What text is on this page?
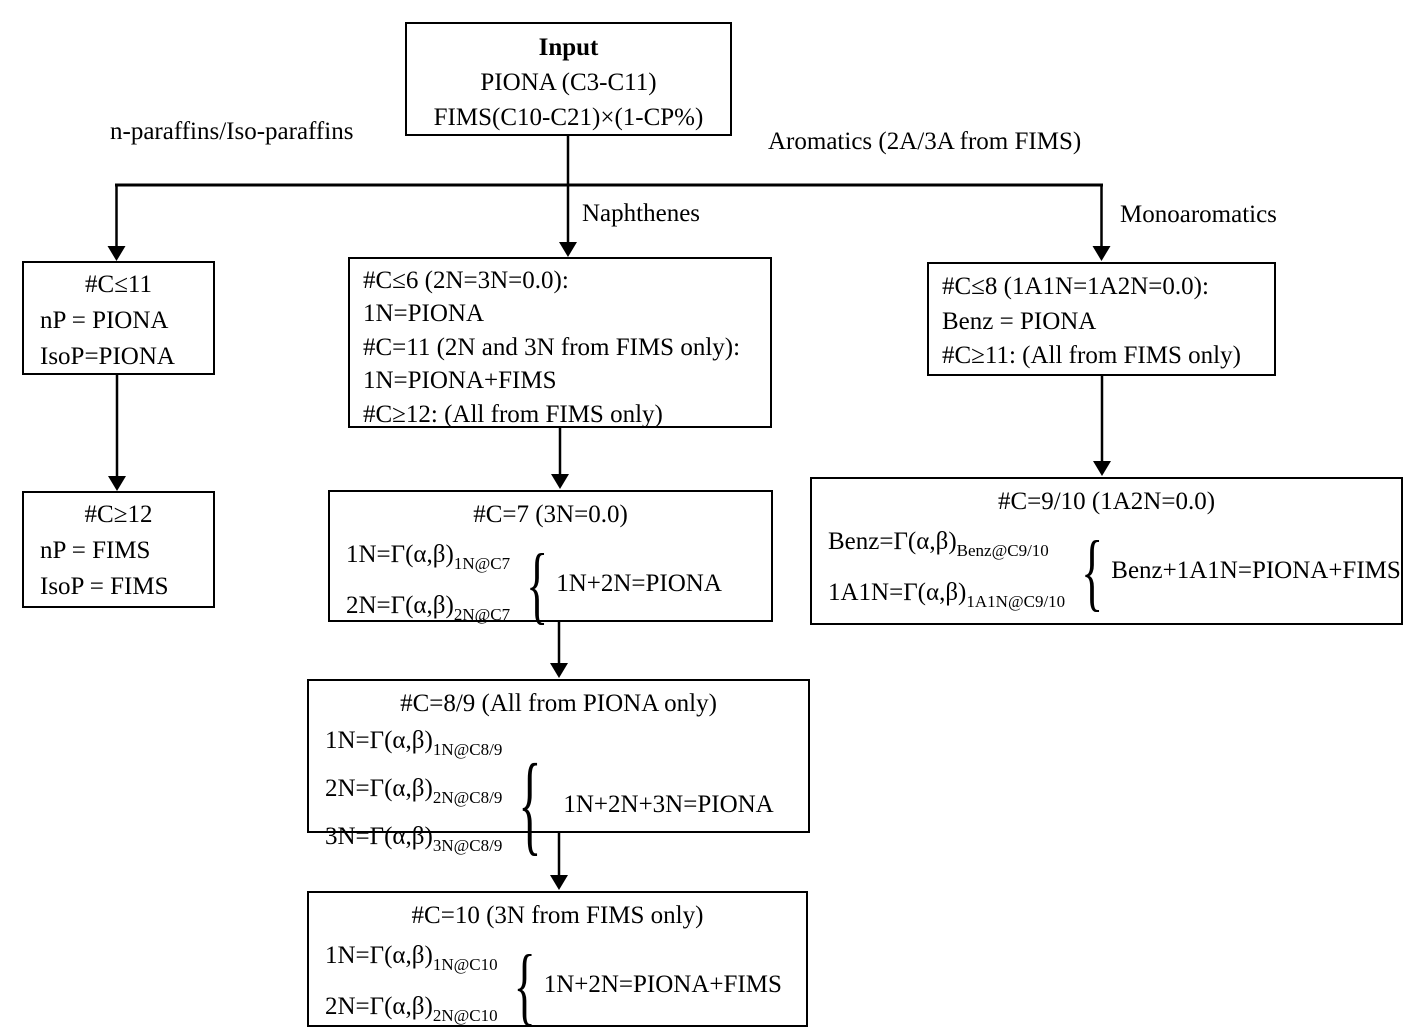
Input
PIONA (C3-C11)
FIMS(C10-C21)×(1-CP%)
n-paraffins/Iso-paraffins	Aromatics (2A/3A from FIMS)
Naphthenes	Monoaromatics
#C≤11
nP = PIONA
IsoP=PIONA
#C≥12
nP = FIMS
IsoP = FIMS
#C≤6 (2N=3N=0.0):
1N=PIONA
#C=11 (2N and 3N from FIMS only):
1N=PIONA+FIMS
#C≥12: (All from FIMS only)
#C=7 (3N=0.0)
$1N=\Gamma(\alpha,\beta)_{1N@C7}$
$2N=\Gamma(\alpha,\beta)_{2N@C7}$ { 1N+2N=PIONA
#C=8/9 (All from PIONA only)
$1N=\Gamma(\alpha,\beta)_{1N@C8/9}$
$2N=\Gamma(\alpha,\beta)_{2N@C8/9}$
$3N=\Gamma(\alpha,\beta)_{3N@C8/9}$ { 1N+2N+3N=PIONA
#C=10 (3N from FIMS only)
$1N=\Gamma(\alpha,\beta)_{1N@C10}$
$2N=\Gamma(\alpha,\beta)_{2N@C10}$ { 1N+2N=PIONA+FIMS
#C≤8 (1A1N=1A2N=0.0):
Benz = PIONA
#C≥11: (All from FIMS only)
#C=9/10 (1A2N=0.0)
$Benz=\Gamma(\alpha,\beta)_{Benz@C9/10}$
$1A1N=\Gamma(\alpha,\beta)_{1A1N@C9/10}$ { Benz+1A1N=PIONA+FIMS
